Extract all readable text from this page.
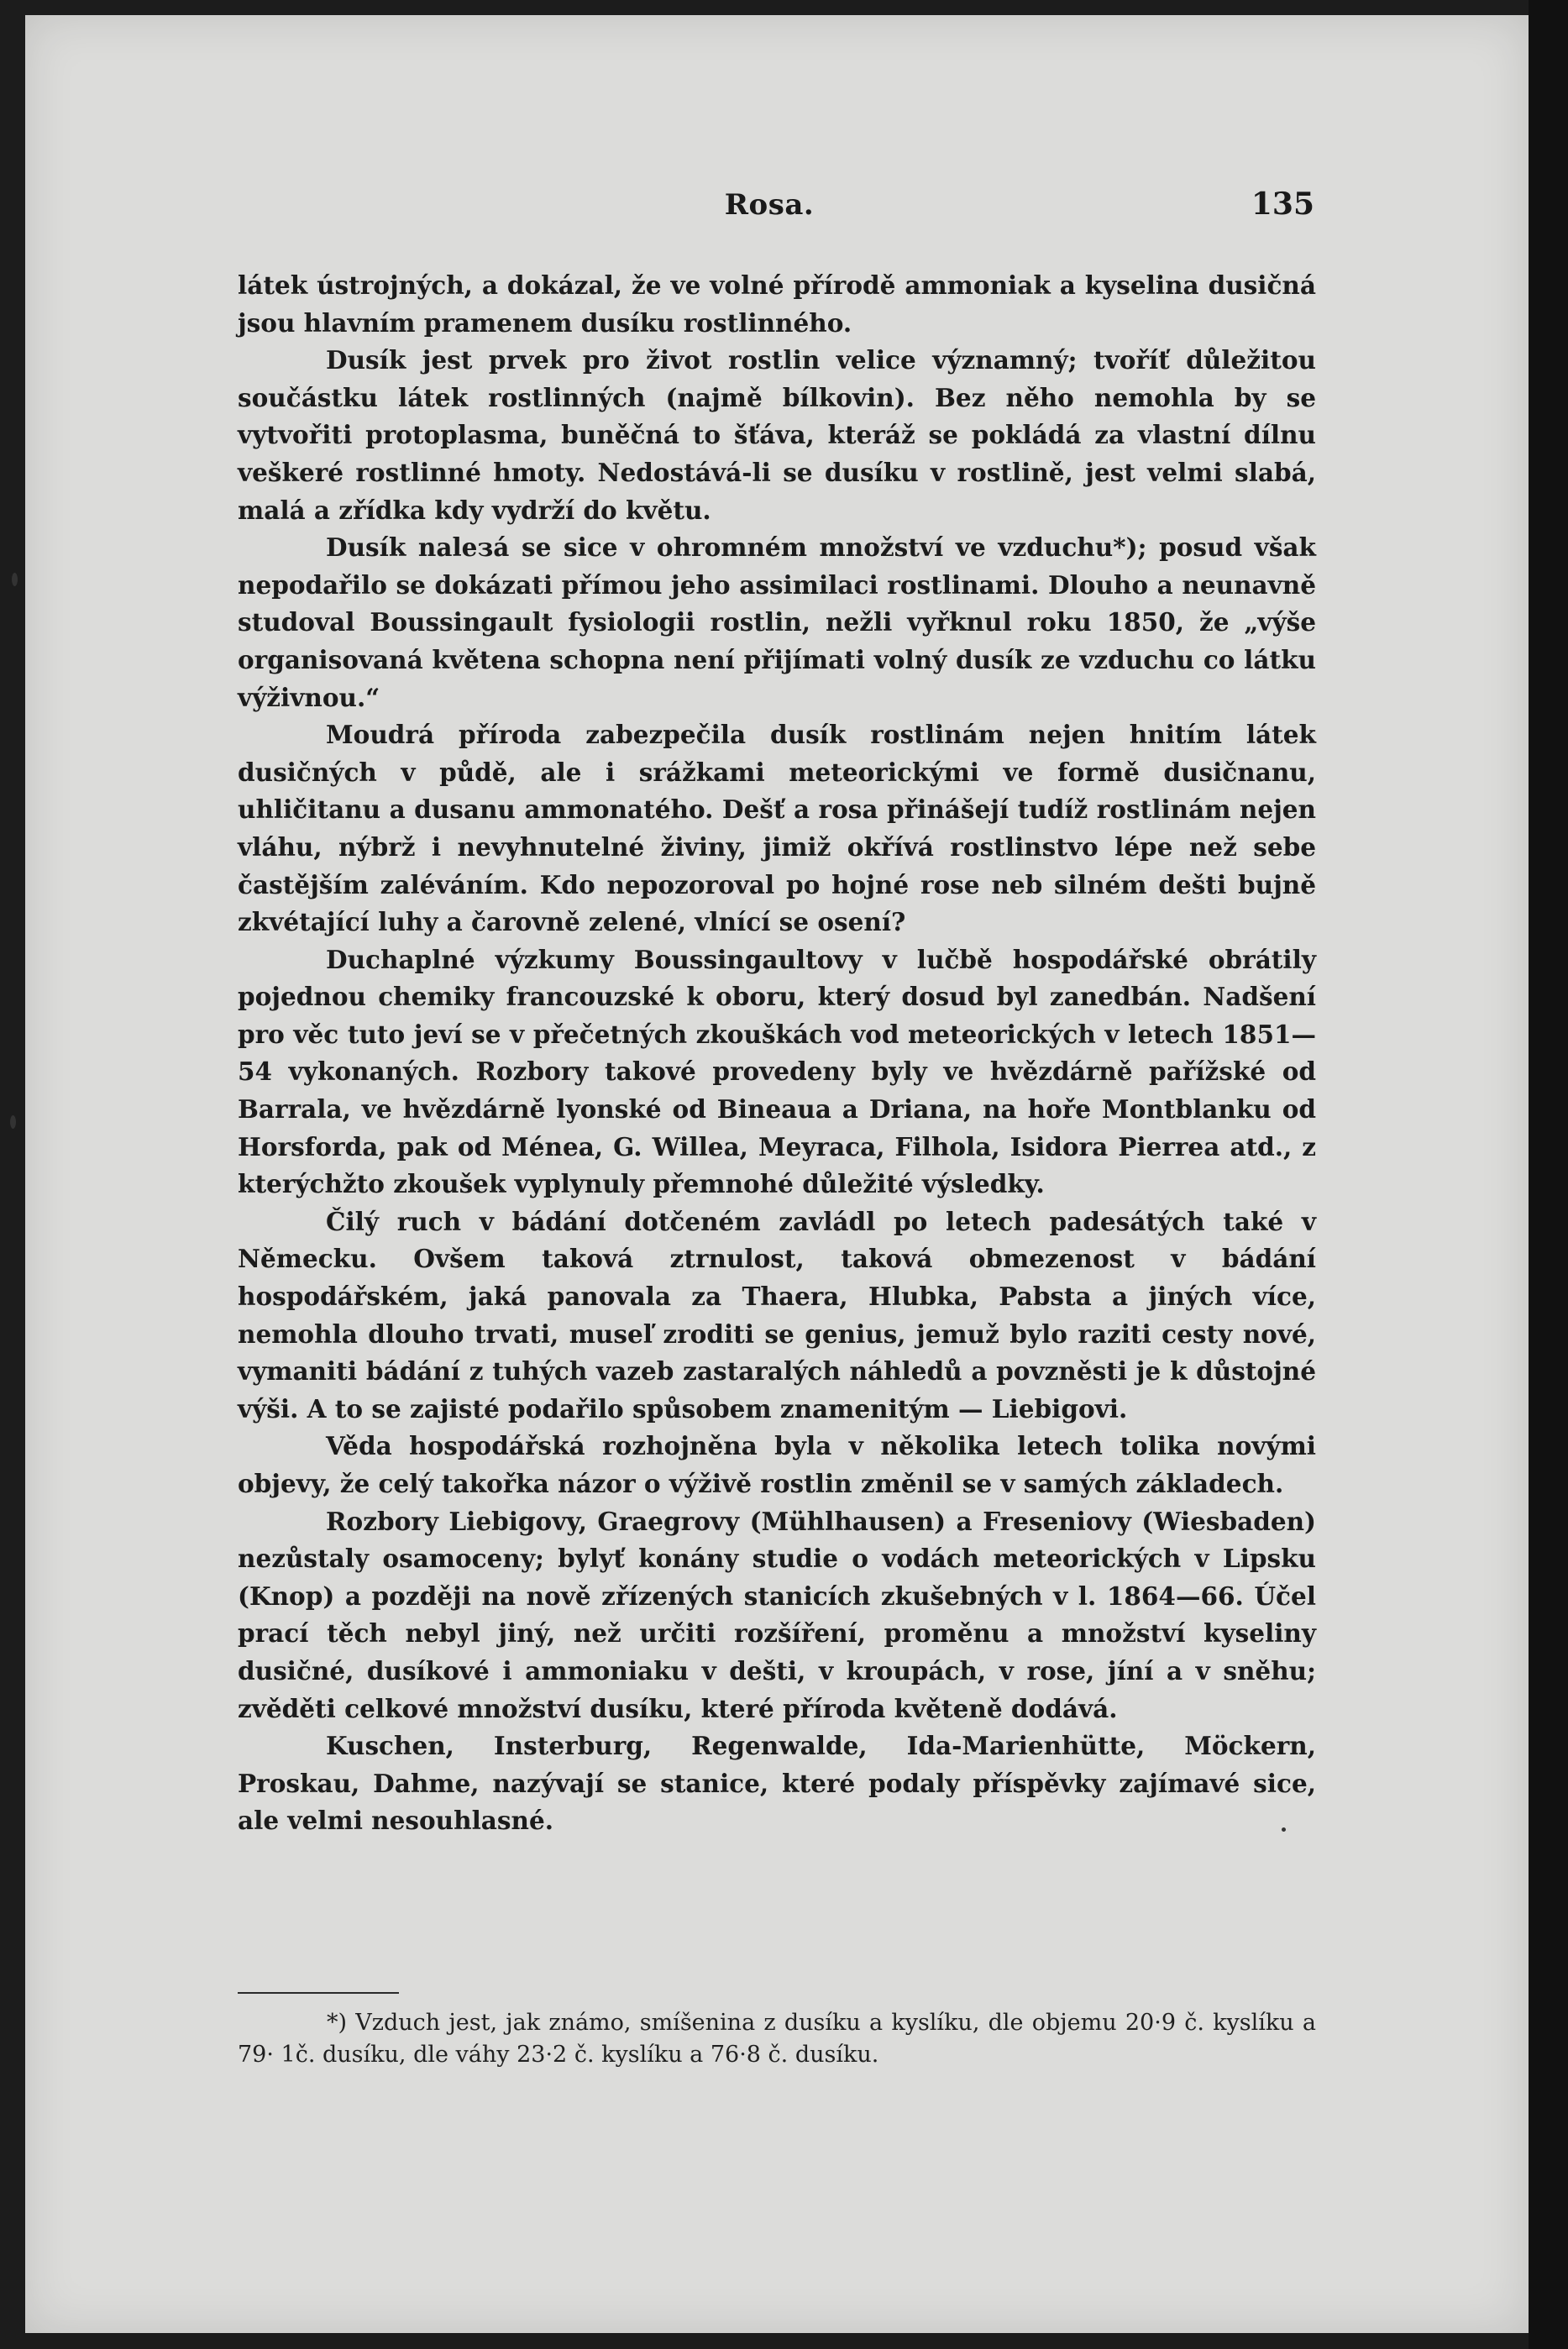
Rosa.	135

látek ústrojných, a dokázal, že ve volné přírodě ammoniak a kyselina dusičná jsou hlavním pramenem dusíku rostlinného.

Dusík jest prvek pro život rostlin velice významný; tvoříť důležitou součástku látek rostlinných (najmě bílkovin). Bez něho nemohla by se vytvořiti protoplasma, buněčná to šťáva, kteráž se pokládá za vlastní dílnu veškeré rostlinné hmoty. Nedostává-li se dusíku v rostlině, jest velmi slabá, malá a zřídka kdy vydrží do květu.

Dusík naleзá se sice v ohromném množství ve vzduchu*); posud však nepodařilo se dokázati přímou jeho assimilaci rostlinami. Dlouho a neunavně studoval Boussingault fysiologii rostlin, nežli vyřknul roku 1850, že „výše organisovaná květena schopna není přijímati volný dusík ze vzduchu co látku výživnou.“

Moudrá příroda zabezpečila dusík rostlinám nejen hnitím látek dusičných v půdě, ale i srážkami meteorickými ve formě dusičnanu, uhličitanu a dusanu ammonatého. Dešť a rosa přinášejí tudíž rostlinám nejen vláhu, nýbrž i nevyhnutelné živiny, jimiž okřívá rostlinstvo lépe než sebe častějším zaléváním. Kdo nepozoroval po hojné rose neb silném dešti bujně zkvétající luhy a čarovně zelené, vlnící se osení?

Duchaplné výzkumy Boussingaultovy v lučbě hospodářské obrátily pojednou chemiky francouzské k oboru, který dosud byl zanedbán. Nadšení pro věc tuto jeví se v přečetných zkouškách vod meteorických v letech 1851—54 vykonaných. Rozbory takové provedeny byly ve hvězdárně pařížské od Barrala, ve hvězdárně lyonské od Bineaua a Driana, na hoře Montblanku od Horsforda, pak od Ménea, G. Willea, Meyraca, Filhola, Isidora Pierrea atd., z kterýchžto zkoušek vyplynuly přemnohé důležité výsledky.

Čilý ruch v bádání dotčeném zavládl po letech padesátých také v Německu. Ovšem taková ztrnulost, taková obmezenost v bádání hospodářském, jaká panovala za Thaera, Hlubka, Pabsta a jiných více, nemohla dlouho trvati, museľ zroditi se genius, jemuž bylo raziti cesty nové, vymaniti bádání z tuhých vazeb zastaralých náhledů a povzněsti je k důstojné výši. A to se zajisté podařilo spůsobem znamenitým — Liebigovi.

Věda hospodářská rozhojněna byla v několika letech tolika novými objevy, že celý takořka názor o výživě rostlin změnil se v samých základech.

Rozbory Liebigovy, Graegrovy (Mühlhausen) a Freseniovy (Wiesbaden) nezůstaly osamoceny; bylyť konány studie o vodách meteorických v Lipsku (Knop) a později na nově zřízených stanicích zkušebných v l. 1864—66. Účel prací těch nebyl jiný, než určiti rozšíření, proměnu a množství kyseliny dusičné, dusíkové i ammoniaku v dešti, v kroupách, v rose, jíní a v sněhu; zvěděti celkové množství dusíku, které příroda květeně dodává.

Kuschen, Insterburg, Regenwalde, Ida-Marienhütte, Möckern, Proskau, Dahme, nazývají se stanice, které podaly příspěvky zajímavé sice, ale velmi nesouhlasné.

*) Vzduch jest, jak známo, smíšenina z dusíku a kyslíku, dle objemu 20·9 č. kyslíku a 79· 1č. dusíku, dle váhy 23·2 č. kyslíku a 76·8 č. dusíku.
